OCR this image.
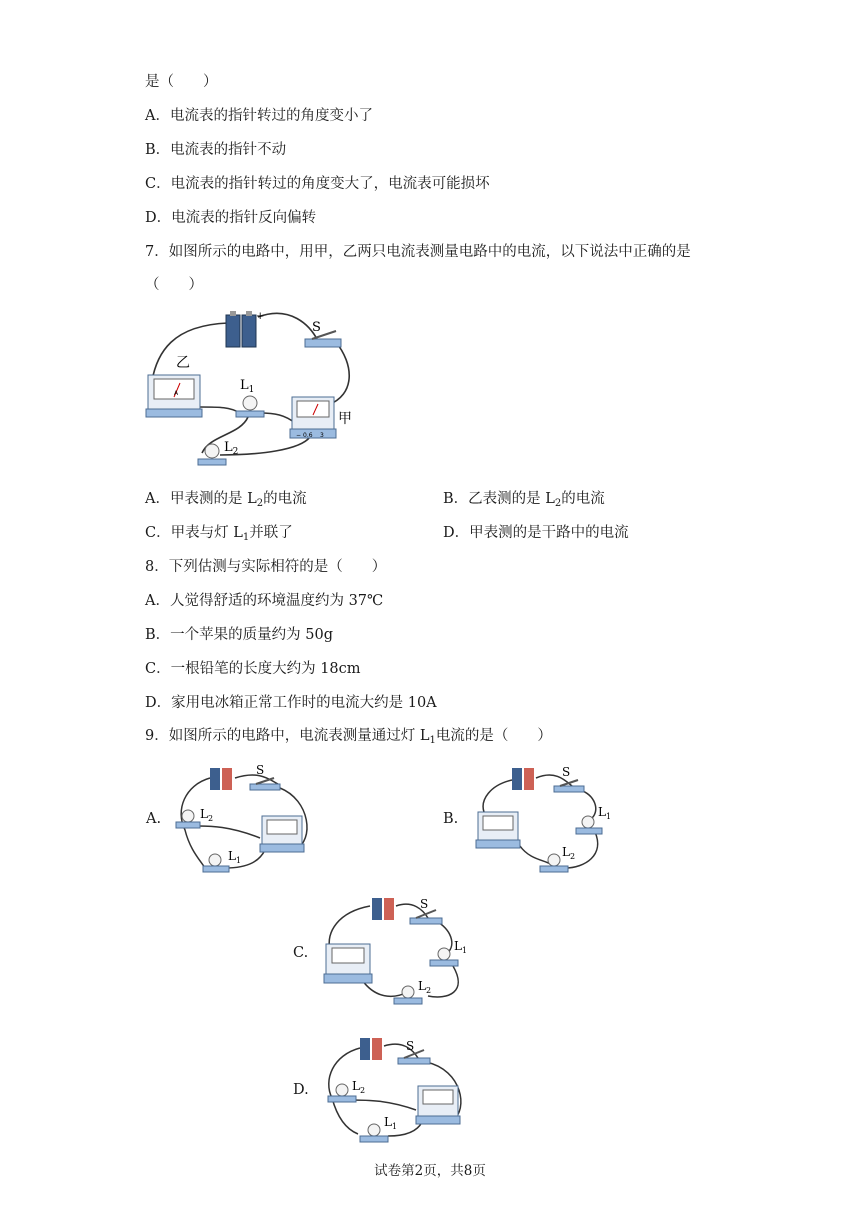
是（　　）
A．电流表的指针转过的角度变小了
B．电流表的指针不动
C．电流表的指针转过的角度变大了，电流表可能损坏
D．电流表的指针反向偏转
7．如图所示的电路中，用甲，乙两只电流表测量电路中的电流，以下说法中正确的是
（　　）
+
S
A
乙
$L_1$
− 0.6 3
甲
$L_2$
A．甲表测的是 $L_2$的电流	B．乙表测的是 $L_2$的电流
C．甲表与灯 $L_1$并联了	D．甲表测的是干路中的电流
8．下列估测与实际相符的是（　　）
A．人觉得舒适的环境温度约为 37℃
B．一个苹果的质量约为 50g
C．一根铅笔的长度大约为 18cm
D．家用电冰箱正常工作时的电流大约是 10A
9．如图所示的电路中，电流表测量通过灯 $L_1$电流的是（　　）
A.
S
$L_2$
$L_1$
B.
S
$L_1$
$L_2$
C.
S
$L_1$
$L_2$
D.
S
$L_2$
$L_1$
试卷第2页，共8页
